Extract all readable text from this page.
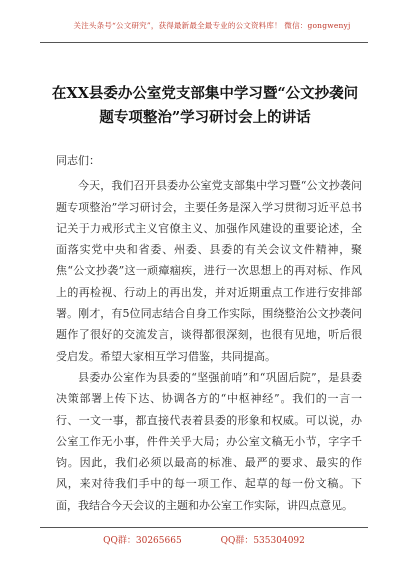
关注头条号“公文研究”，获得最新最全最专业的公文资料库！ 微信：gongwenyj
在XX县委办公室党支部集中学习暨“公文抄袭问
题专项整治”学习研讨会上的讲话

同志们：

今天，我们召开县委办公室党支部集中学习暨“公文抄袭问题专项整治”学习研讨会，主要任务是深入学习贯彻习近平总书记关于力戒形式主义官僚主义、加强作风建设的重要论述，全面落实党中央和省委、州委、县委的有关会议文件精神，聚焦“公文抄袭”这一顽瘴痼疾，进行一次思想上的再对标、作风上的再检视、行动上的再出发，并对近期重点工作进行安排部署。刚才，有5位同志结合自身工作实际，围绕整治公文抄袭问题作了很好的交流发言，谈得都很深刻，也很有见地，听后很受启发。希望大家相互学习借鉴，共同提高。

县委办公室作为县委的“坚强前哨”和“巩固后院”，是县委决策部署上传下达、协调各方的“中枢神经”。我们的一言一行、一文一事，都直接代表着县委的形象和权威。可以说，办公室工作无小事，件件关乎大局；办公室文稿无小节，字字千钧。因此，我们必须以最高的标准、最严的要求、最实的作风，来对待我们手中的每一项工作、起草的每一份文稿。下面，我结合今天会议的主题和办公室工作实际，讲四点意见。

QQ群：30265665	QQ群：535304092
